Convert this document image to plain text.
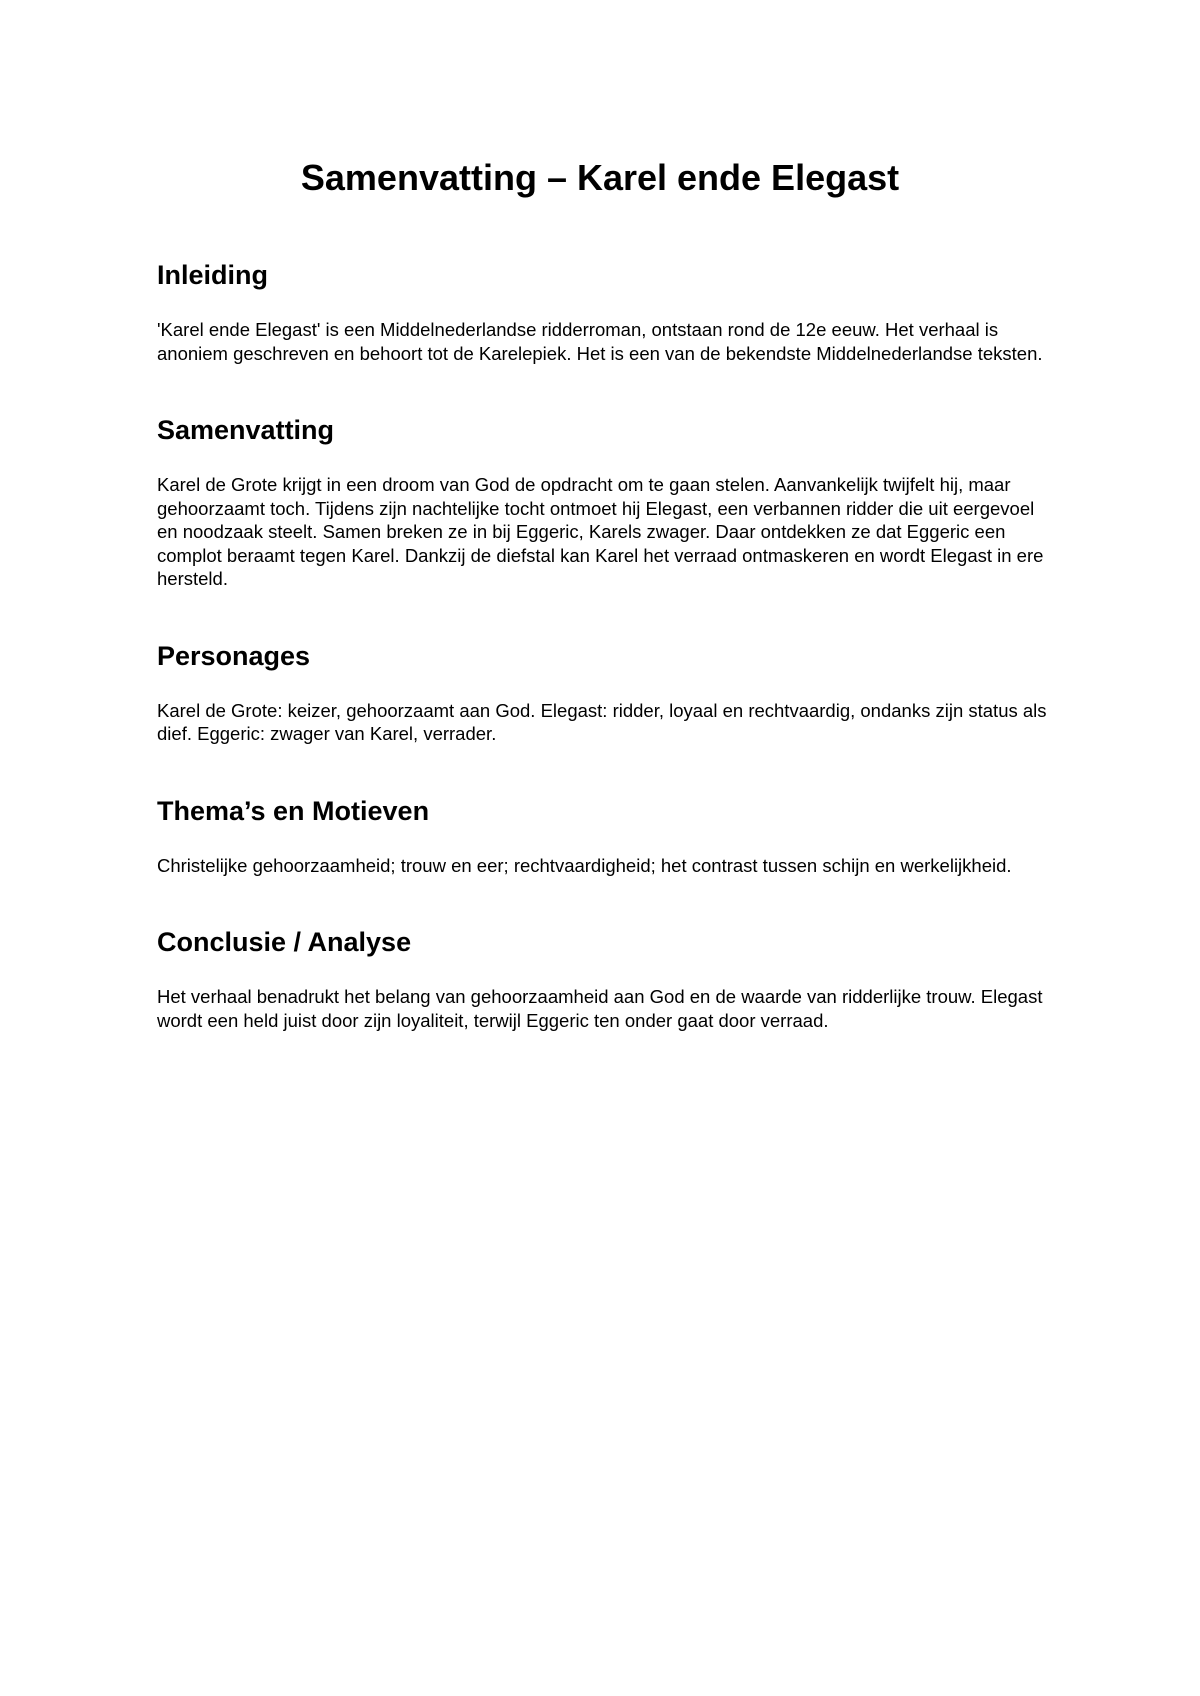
Samenvatting – Karel ende Elegast
Inleiding

'Karel ende Elegast' is een Middelnederlandse ridderroman, ontstaan rond de 12e eeuw. Het verhaal is anoniem geschreven en behoort tot de Karelepiek. Het is een van de bekendste Middelnederlandse teksten.

Samenvatting

Karel de Grote krijgt in een droom van God de opdracht om te gaan stelen. Aanvankelijk twijfelt hij, maar gehoorzaamt toch. Tijdens zijn nachtelijke tocht ontmoet hij Elegast, een verbannen ridder die uit eergevoel en noodzaak steelt. Samen breken ze in bij Eggeric, Karels zwager. Daar ontdekken ze dat Eggeric een complot beraamt tegen Karel. Dankzij de diefstal kan Karel het verraad ontmaskeren en wordt Elegast in ere hersteld.

Personages

Karel de Grote: keizer, gehoorzaamt aan God. Elegast: ridder, loyaal en rechtvaardig, ondanks zijn status als dief. Eggeric: zwager van Karel, verrader.

Thema’s en Motieven

Christelijke gehoorzaamheid; trouw en eer; rechtvaardigheid; het contrast tussen schijn en werkelijkheid.

Conclusie / Analyse

Het verhaal benadrukt het belang van gehoorzaamheid aan God en de waarde van ridderlijke trouw. Elegast wordt een held juist door zijn loyaliteit, terwijl Eggeric ten onder gaat door verraad.
